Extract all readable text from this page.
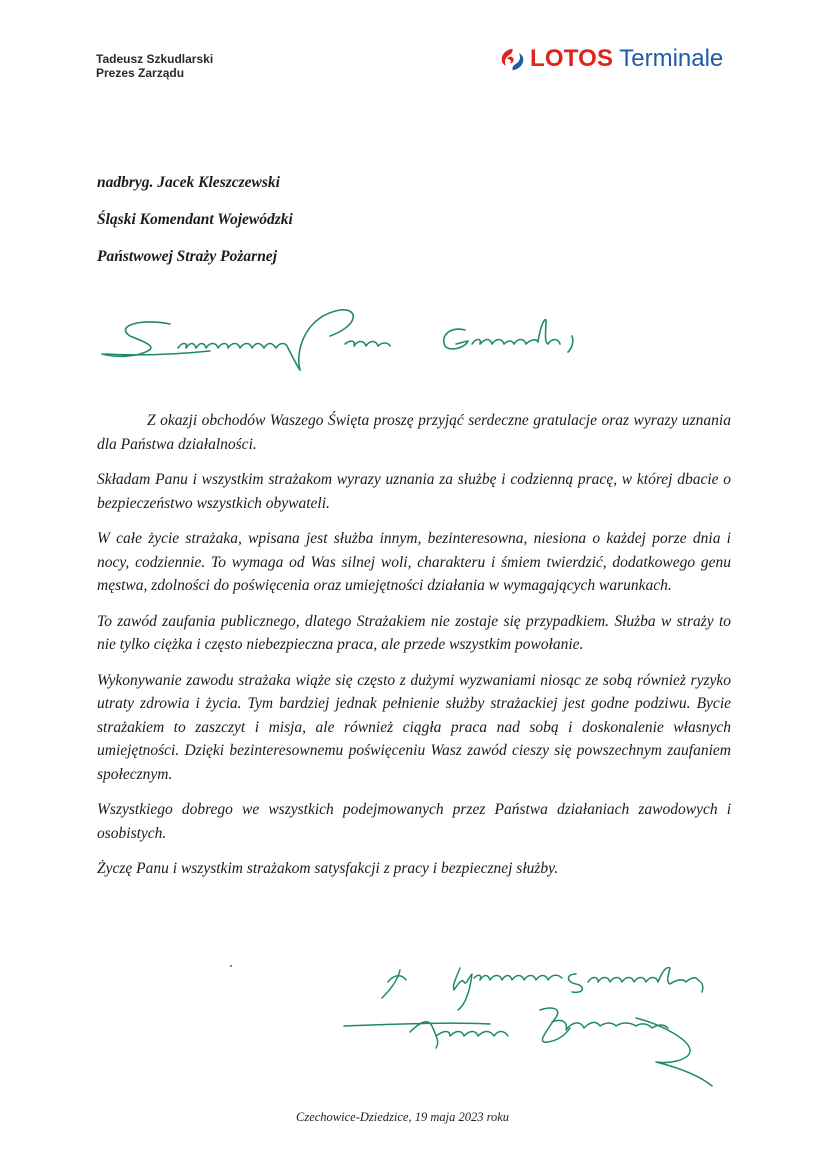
Tadeusz Szkudlarski
Prezes Zarządu
LOTOS Terminale
nadbryg. Jacek Kleszczewski
Śląski Komendant Wojewódzki
Państwowej Straży Pożarnej

Z okazji obchodów Waszego Święta proszę przyjąć serdeczne gratulacje oraz wyrazy uznania dla Państwa działalności.

Składam Panu i wszystkim strażakom wyrazy uznania za służbę i codzienną pracę, w której dbacie o bezpieczeństwo wszystkich obywateli.

W całe życie strażaka, wpisana jest służba innym, bezinteresowna, niesiona o każdej porze dnia i nocy, codziennie. To wymaga od Was silnej woli, charakteru i śmiem twierdzić, dodatkowego genu męstwa, zdolności do poświęcenia oraz umiejętności działania w wymagających warunkach.

To zawód zaufania publicznego, dlatego Strażakiem nie zostaje się przypadkiem. Służba w straży to nie tylko ciężka i często niebezpieczna praca, ale przede wszystkim powołanie.

Wykonywanie zawodu strażaka wiąże się często z dużymi wyzwaniami niosąc ze sobą również ryzyko utraty zdrowia i życia. Tym bardziej jednak pełnienie służby strażackiej jest godne podziwu. Bycie strażakiem to zaszczyt i misja, ale również ciągła praca nad sobą i doskonalenie własnych umiejętności. Dzięki bezinteresownemu poświęceniu Wasz zawód cieszy się powszechnym zaufaniem społecznym.

Wszystkiego dobrego we wszystkich podejmowanych przez Państwa działaniach zawodowych i osobistych.

Życzę Panu i wszystkim strażakom satysfakcji z pracy i bezpiecznej służby.

Czechowice-Dziedzice, 19 maja 2023 roku
